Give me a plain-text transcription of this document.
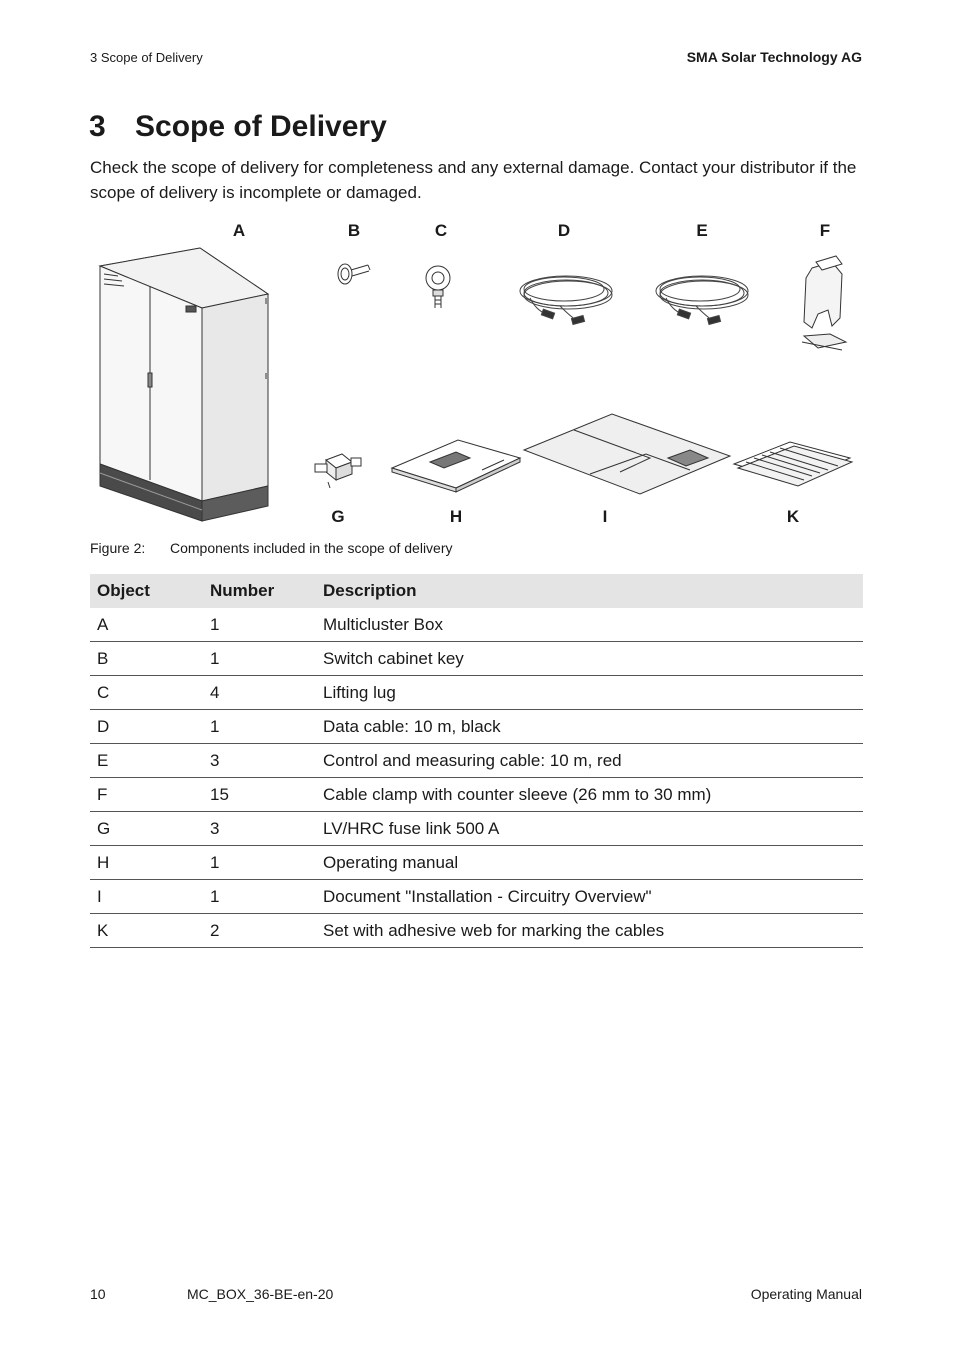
3 Scope of Delivery	SMA Solar Technology AG
3 Scope of Delivery

Check the scope of delivery for completeness and any external damage. Contact your distributor if the scope of delivery is incomplete or damaged.

A	B	C	D	E	F
G	H	I	K
Figure 2: Components included in the scope of delivery
Object	Number	Description
A	1	Multicluster Box
B	1	Switch cabinet key
C	4	Lifting lug
D	1	Data cable: 10 m, black
E	3	Control and measuring cable: 10 m, red
F	15	Cable clamp with counter sleeve (26 mm to 30 mm)
G	3	LV/HRC fuse link 500 A
H	1	Operating manual
I	1	Document "Installation - Circuitry Overview"
K	2	Set with adhesive web for marking the cables
10	MC_BOX_36-BE-en-20	Operating Manual
